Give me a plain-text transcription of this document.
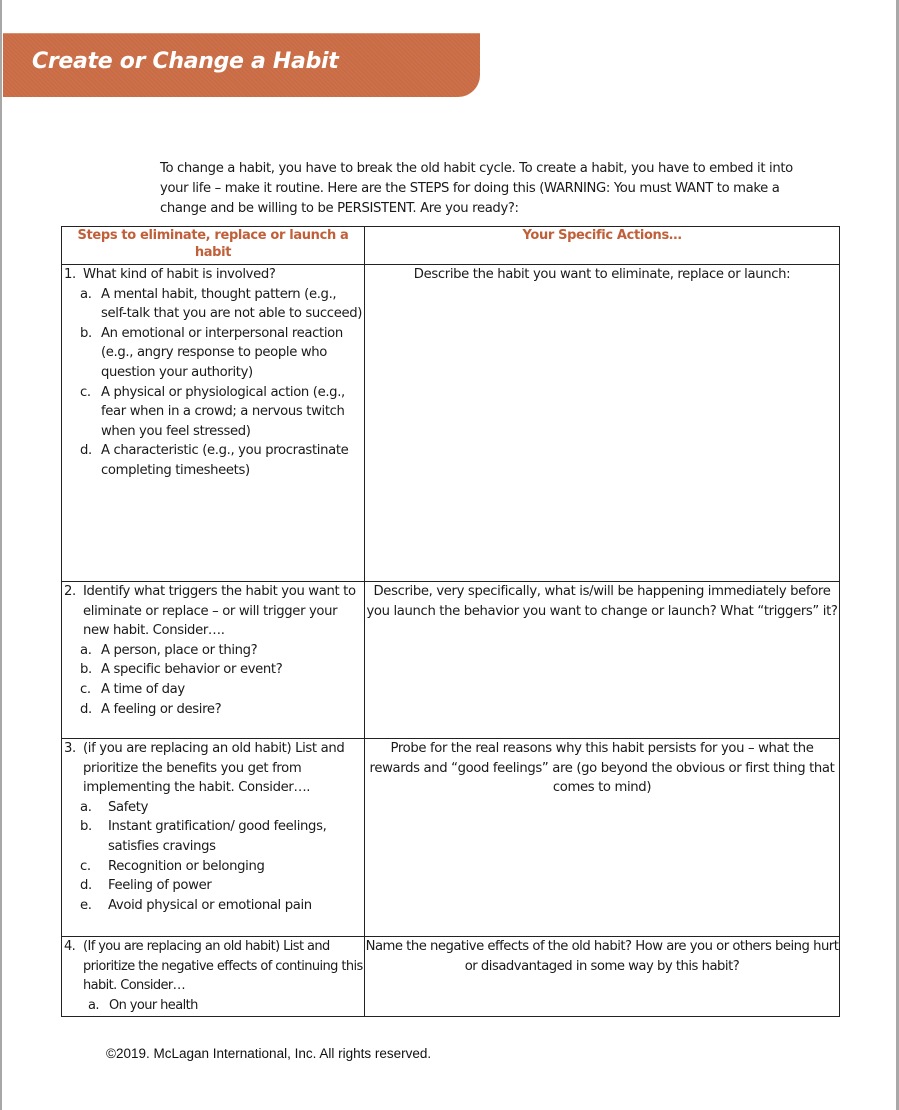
Create or Change a Habit

To change a habit, you have to break the old habit cycle. To create a habit, you have to embed it into your life – make it routine. Here are the STEPS for doing this (WARNING: You must WANT to make a change and be willing to be PERSISTENT. Are you ready?:

Steps to eliminate, replace or launch a habit	Your Specific Actions…

1. What kind of habit is involved?
a. A mental habit, thought pattern (e.g., self-talk that you are not able to succeed)
b. An emotional or interpersonal reaction (e.g., angry response to people who question your authority)
c. A physical or physiological action (e.g., fear when in a crowd; a nervous twitch when you feel stressed)
d. A characteristic (e.g., you procrastinate completing timesheets)
	Describe the habit you want to eliminate, replace or launch:

2. Identify what triggers the habit you want to eliminate or replace – or will trigger your new habit. Consider….
a. A person, place or thing?
b. A specific behavior or event?
c. A time of day
d. A feeling or desire?
	Describe, very specifically, what is/will be happening immediately before you launch the behavior you want to change or launch? What “triggers” it?

3. (if you are replacing an old habit) List and prioritize the benefits you get from implementing the habit. Consider….
a.	Safety
b.	Instant gratification/ good feelings, satisfies cravings
c.	Recognition or belonging
d.	Feeling of power
e.	Avoid physical or emotional pain
	Probe for the real reasons why this habit persists for you – what the rewards and “good feelings” are (go beyond the obvious or first thing that comes to mind)

4. (If you are replacing an old habit) List and prioritize the negative effects of continuing this habit. Consider…
a. On your health
	Name the negative effects of the old habit? How are you or others being hurt or disadvantaged in some way by this habit?
©2019. McLagan International, Inc. All rights reserved.
